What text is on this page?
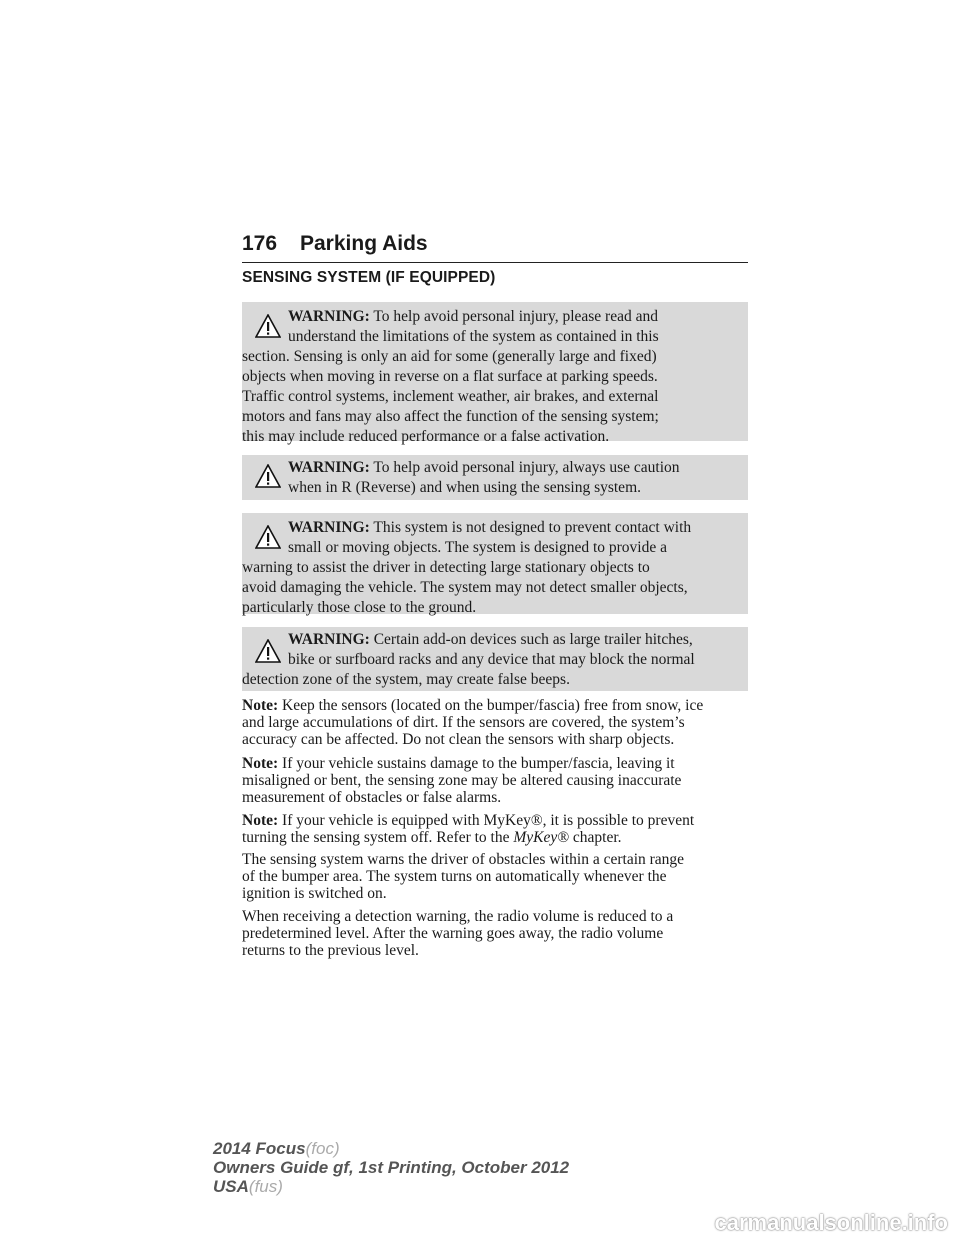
176 Parking Aids
SENSING SYSTEM (IF EQUIPPED)
WARNING: To help avoid personal injury, please read and
understand the limitations of the system as contained in this
section. Sensing is only an aid for some (generally large and fixed)
objects when moving in reverse on a flat surface at parking speeds.
Traffic control systems, inclement weather, air brakes, and external
motors and fans may also affect the function of the sensing system;
this may include reduced performance or a false activation.
WARNING: To help avoid personal injury, always use caution
when in R (Reverse) and when using the sensing system.
WARNING: This system is not designed to prevent contact with
small or moving objects. The system is designed to provide a
warning to assist the driver in detecting large stationary objects to
avoid damaging the vehicle. The system may not detect smaller objects,
particularly those close to the ground.
WARNING: Certain add-on devices such as large trailer hitches,
bike or surfboard racks and any device that may block the normal
detection zone of the system, may create false beeps.
Note: Keep the sensors (located on the bumper/fascia) free from snow, ice
and large accumulations of dirt. If the sensors are covered, the system’s
accuracy can be affected. Do not clean the sensors with sharp objects.
Note: If your vehicle sustains damage to the bumper/fascia, leaving it
misaligned or bent, the sensing zone may be altered causing inaccurate
measurement of obstacles or false alarms.
Note: If your vehicle is equipped with MyKey®, it is possible to prevent
turning the sensing system off. Refer to the MyKey® chapter.
The sensing system warns the driver of obstacles within a certain range
of the bumper area. The system turns on automatically whenever the
ignition is switched on.
When receiving a detection warning, the radio volume is reduced to a
predetermined level. After the warning goes away, the radio volume
returns to the previous level.
2014 Focus(foc)
Owners Guide gf, 1st Printing, October 2012
USA(fus)
carmanualsonline.info
